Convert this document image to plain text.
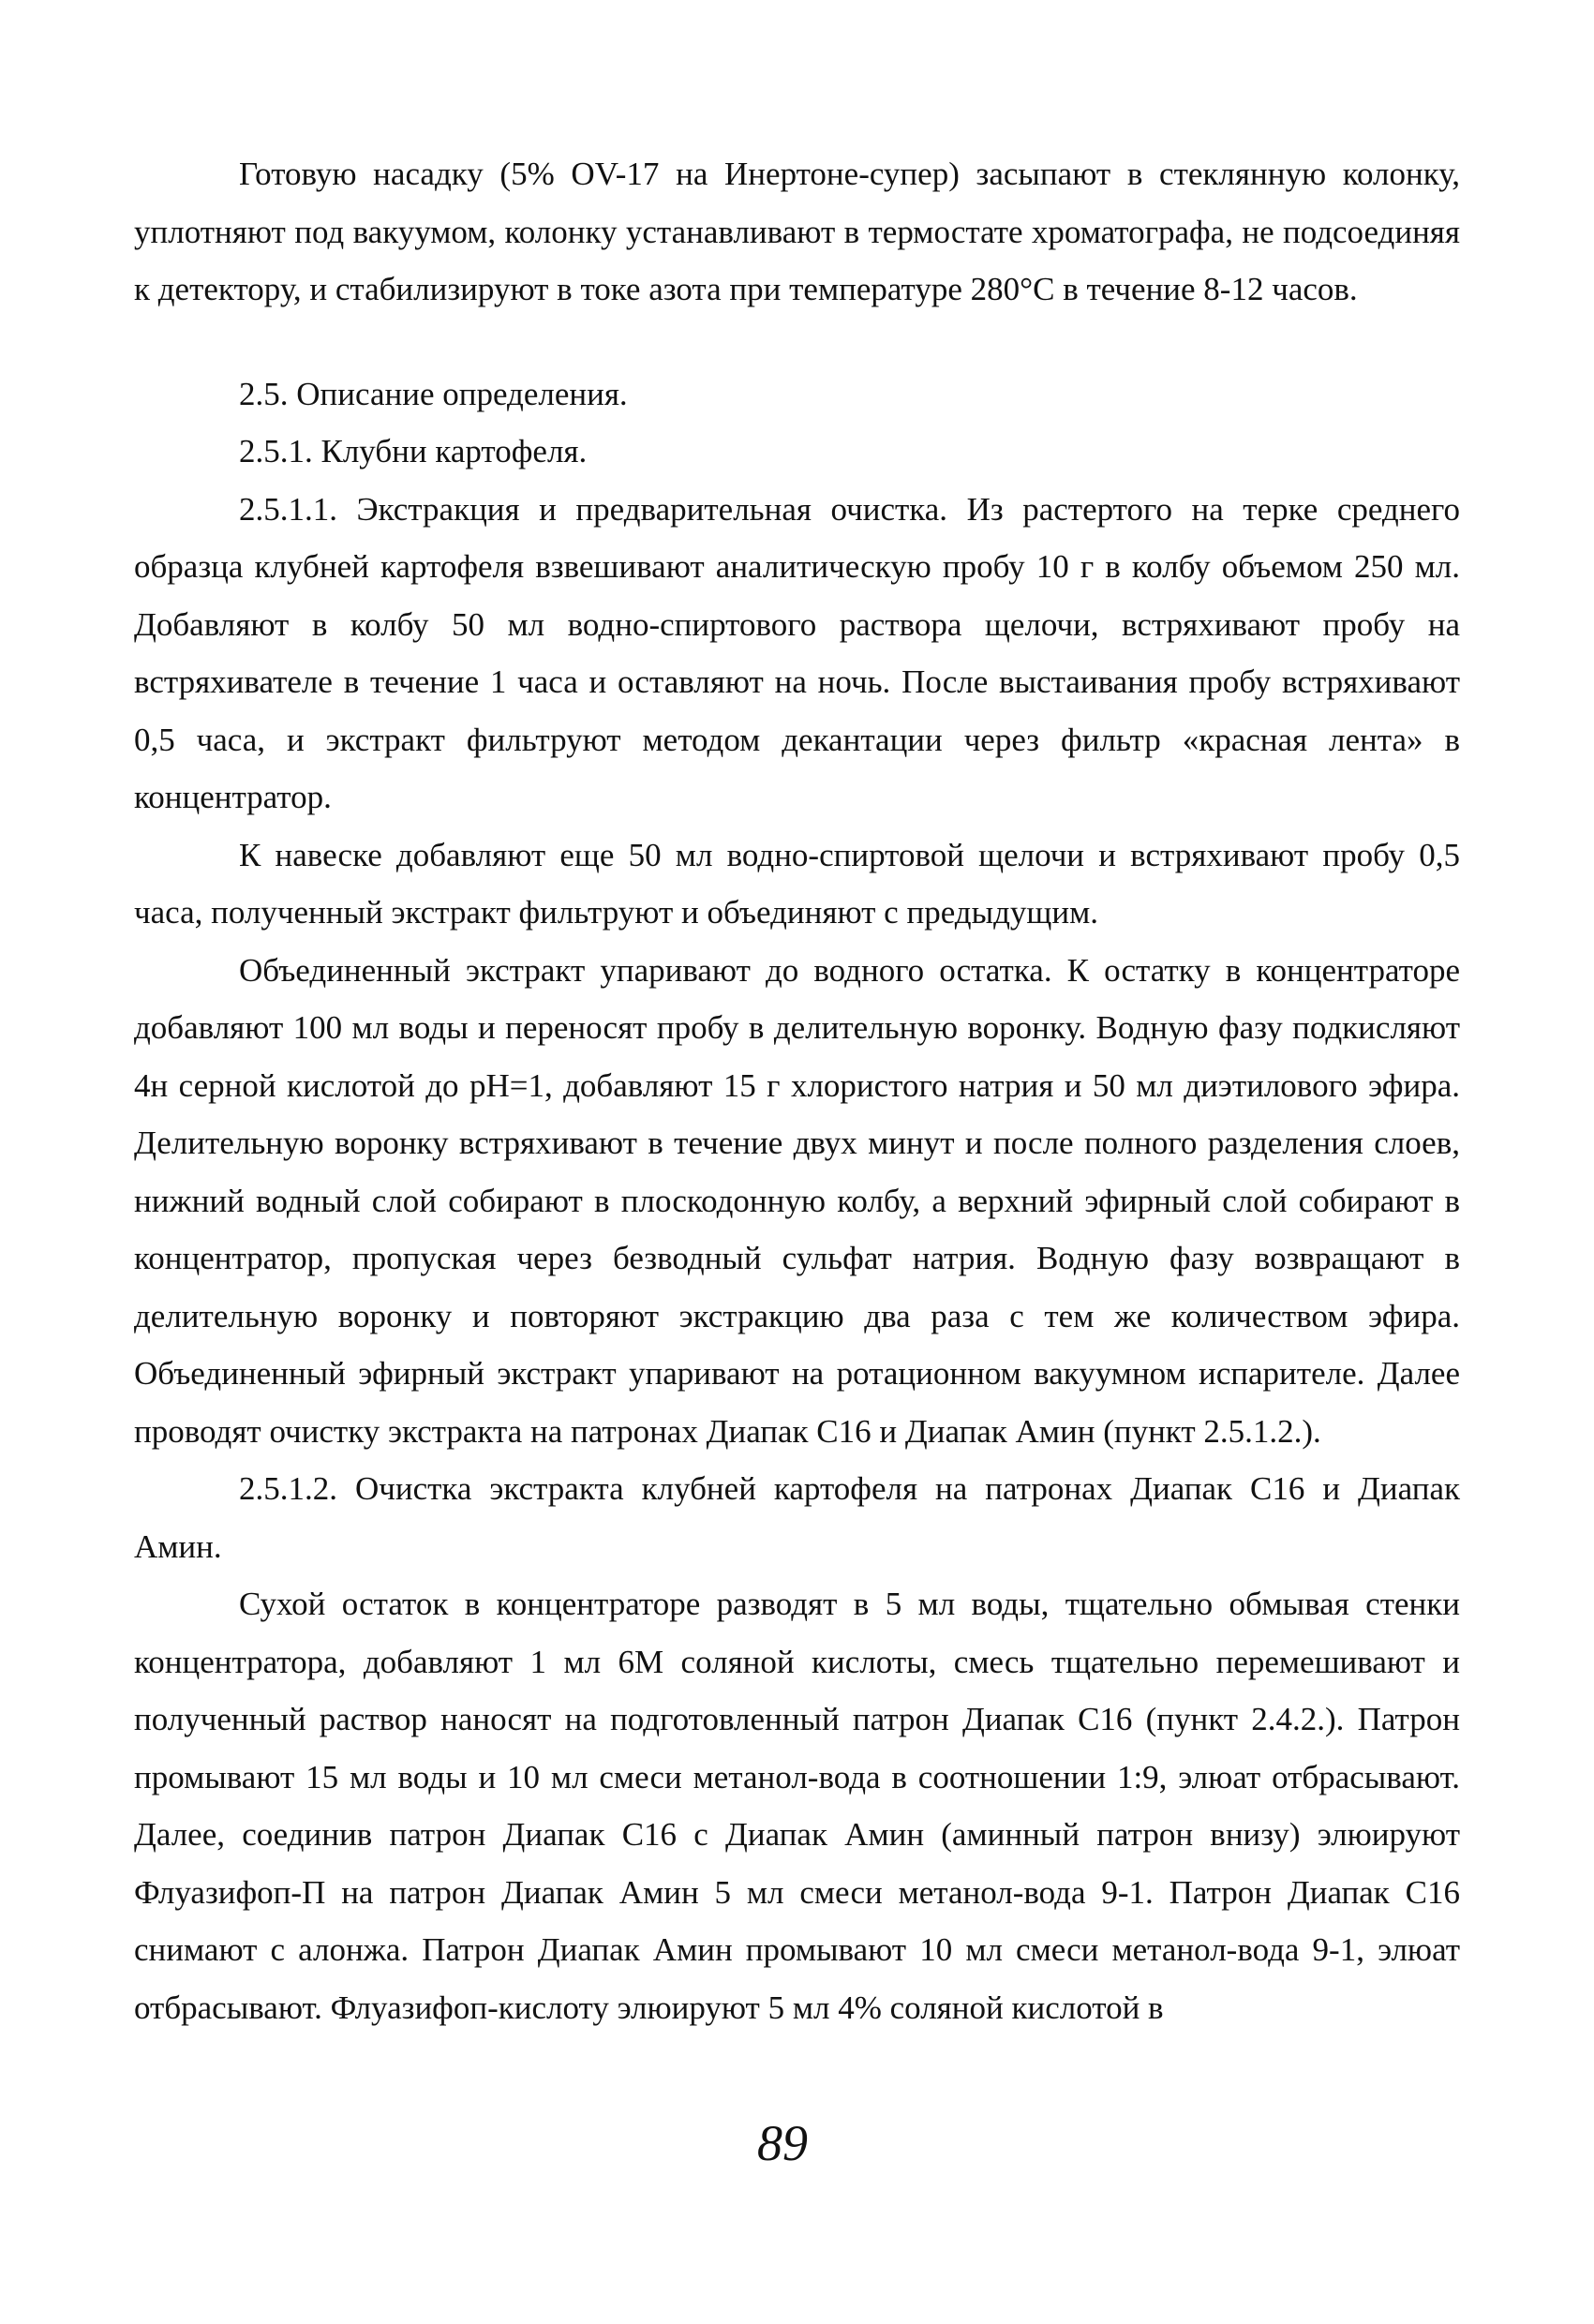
Готовую насадку (5% OV-17 на Инертоне-супер) засыпают в стеклянную колонку, уплотняют под вакуумом, колонку устанавливают в термостате хроматографа, не подсоединяя к детектору, и стабилизируют в токе азота при температуре 280°С в течение 8-12 часов.

2.5. Описание определения.

2.5.1. Клубни картофеля.

2.5.1.1. Экстракция и предварительная очистка. Из растертого на терке среднего образца клубней картофеля взвешивают аналитическую пробу 10 г в колбу объемом 250 мл. Добавляют в колбу 50 мл водно-спиртового раствора щелочи, встряхивают пробу на встряхивателе в течение 1 часа и оставляют на ночь. После выстаивания пробу встряхивают 0,5 часа, и экстракт фильтруют методом декантации через фильтр «красная лента» в концентратор.

К навеске добавляют еще 50 мл водно-спиртовой щелочи и встряхивают пробу 0,5 часа, полученный экстракт фильтруют и объединяют с предыдущим.

Объединенный экстракт упаривают до водного остатка. К остатку в концентраторе добавляют 100 мл воды и переносят пробу в делительную воронку. Водную фазу подкисляют 4н серной кислотой до рН=1, добавляют 15 г хлористого натрия и 50 мл диэтилового эфира. Делительную воронку встряхивают в течение двух минут и после полного разделения слоев, нижний водный слой собирают в плоскодонную колбу, а верхний эфирный слой собирают в концентратор, пропуская через безводный сульфат натрия. Водную фазу возвращают в делительную воронку и повторяют экстракцию два раза с тем же количеством эфира. Объединенный эфирный экстракт упаривают на ротационном вакуумном испарителе. Далее проводят очистку экстракта на патронах Диапак С16 и Диапак Амин (пункт 2.5.1.2.).

2.5.1.2. Очистка экстракта клубней картофеля на патронах Диапак С16 и Диапак Амин.

Сухой остаток в концентраторе разводят в 5 мл воды, тщательно обмывая стенки концентратора, добавляют 1 мл 6М соляной кислоты, смесь тщательно перемешивают и полученный раствор наносят на подготовленный патрон Диапак С16 (пункт 2.4.2.). Патрон промывают 15 мл воды и 10 мл смеси метанол-вода в соотношении 1:9, элюат отбрасывают. Далее, соединив патрон Диапак С16 с Диапак Амин (аминный патрон внизу) элюируют Флуазифоп-П на патрон Диапак Амин 5 мл смеси метанол-вода 9-1. Патрон Диапак С16 снимают с алонжа. Патрон Диапак Амин промывают 10 мл смеси метанол-вода 9-1, элюат отбрасывают. Флуазифоп-кислоту элюируют 5 мл 4% соляной кислотой в

89
